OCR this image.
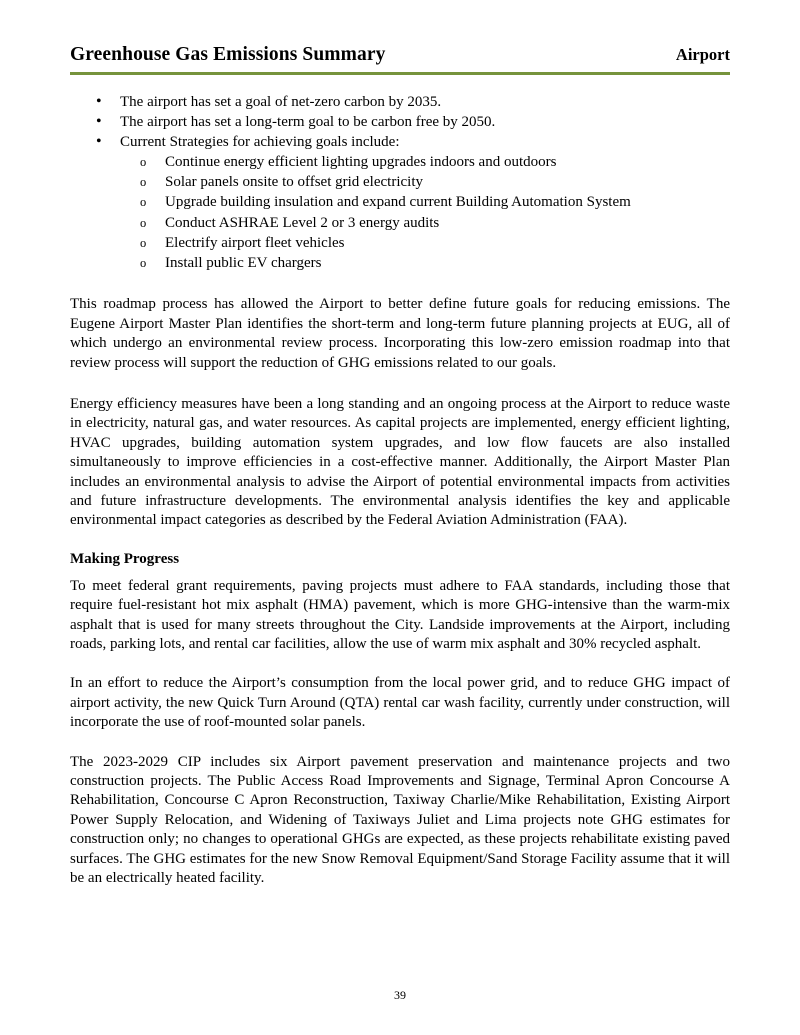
Greenhouse Gas Emissions Summary	Airport
• The airport has set a goal of net-zero carbon by 2035.
• The airport has set a long-term goal to be carbon free by 2050.
• Current Strategies for achieving goals include:
o Continue energy efficient lighting upgrades indoors and outdoors
o Solar panels onsite to offset grid electricity
o Upgrade building insulation and expand current Building Automation System
o Conduct ASHRAE Level 2 or 3 energy audits
o Electrify airport fleet vehicles
o Install public EV chargers

This roadmap process has allowed the Airport to better define future goals for reducing emissions. The Eugene Airport Master Plan identifies the short-term and long-term future planning projects at EUG, all of which undergo an environmental review process. Incorporating this low-zero emission roadmap into that review process will support the reduction of GHG emissions related to our goals.

Energy efficiency measures have been a long standing and an ongoing process at the Airport to reduce waste in electricity, natural gas, and water resources. As capital projects are implemented, energy efficient lighting, HVAC upgrades, building automation system upgrades, and low flow faucets are also installed simultaneously to improve efficiencies in a cost-effective manner. Additionally, the Airport Master Plan includes an environmental analysis to advise the Airport of potential environmental impacts from activities and future infrastructure developments. The environmental analysis identifies the key and applicable environmental impact categories as described by the Federal Aviation Administration (FAA).

Making Progress

To meet federal grant requirements, paving projects must adhere to FAA standards, including those that require fuel-resistant hot mix asphalt (HMA) pavement, which is more GHG-intensive than the warm-mix asphalt that is used for many streets throughout the City. Landside improvements at the Airport, including roads, parking lots, and rental car facilities, allow the use of warm mix asphalt and 30% recycled asphalt.

In an effort to reduce the Airport’s consumption from the local power grid, and to reduce GHG impact of airport activity, the new Quick Turn Around (QTA) rental car wash facility, currently under construction, will incorporate the use of roof-mounted solar panels.

The 2023-2029 CIP includes six Airport pavement preservation and maintenance projects and two construction projects. The Public Access Road Improvements and Signage, Terminal Apron Concourse A Rehabilitation, Concourse C Apron Reconstruction, Taxiway Charlie/Mike Rehabilitation, Existing Airport Power Supply Relocation, and Widening of Taxiways Juliet and Lima projects note GHG estimates for construction only; no changes to operational GHGs are expected, as these projects rehabilitate existing paved surfaces. The GHG estimates for the new Snow Removal Equipment/Sand Storage Facility assume that it will be an electrically heated facility.

39
